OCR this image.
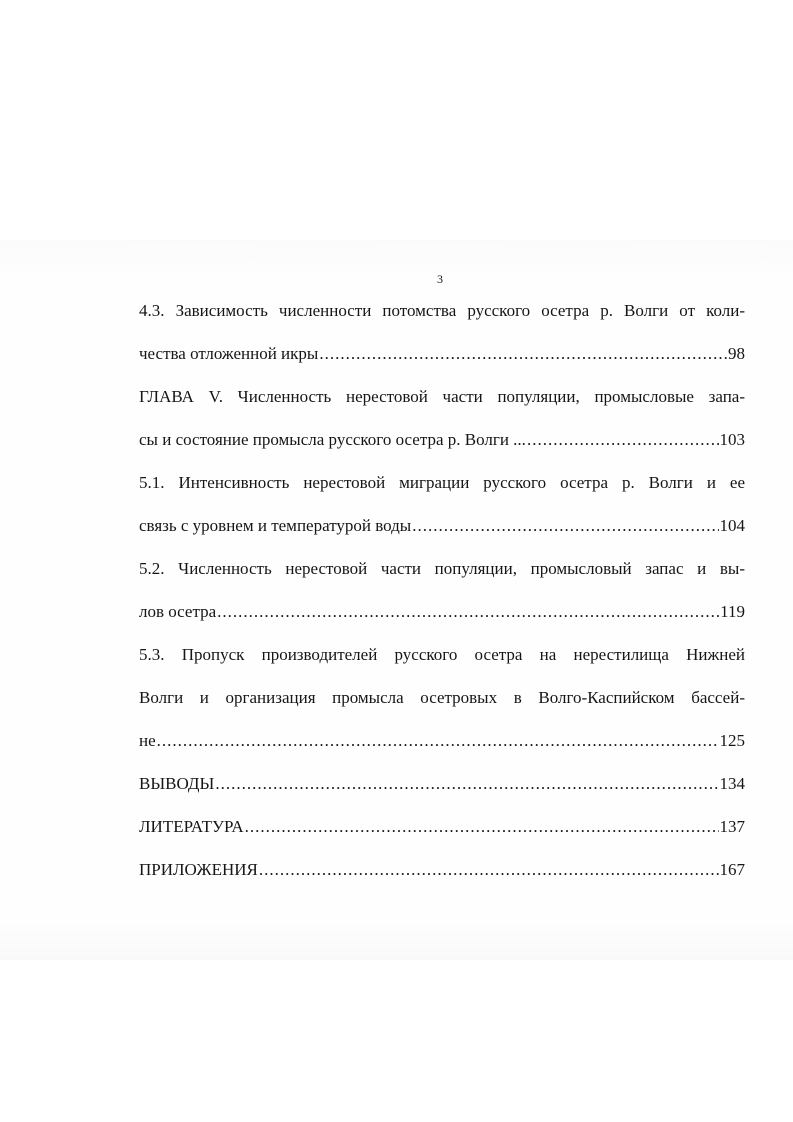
3
4.3. Зависимость численности потомства русского осетра р. Волги от коли-
чества отложенной икры .....	98
ГЛАВА V. Численность нерестовой части популяции, промысловые запа-
сы и состояние промысла русского осетра р. Волги ... .....	103
5.1. Интенсивность нерестовой миграции русского осетра р. Волги и ее
связь с уровнем и температурой воды .....	104
5.2. Численность нерестовой части популяции, промысловый запас и вы-
лов осетра .....	119
5.3. Пропуск производителей русского осетра на нерестилища Нижней
Волги и организация промысла осетровых в Волго-Каспийском бассей-
не .....	125
ВЫВОДЫ .....	134
ЛИТЕРАТУРА .....	137
ПРИЛОЖЕНИЯ .....	167
